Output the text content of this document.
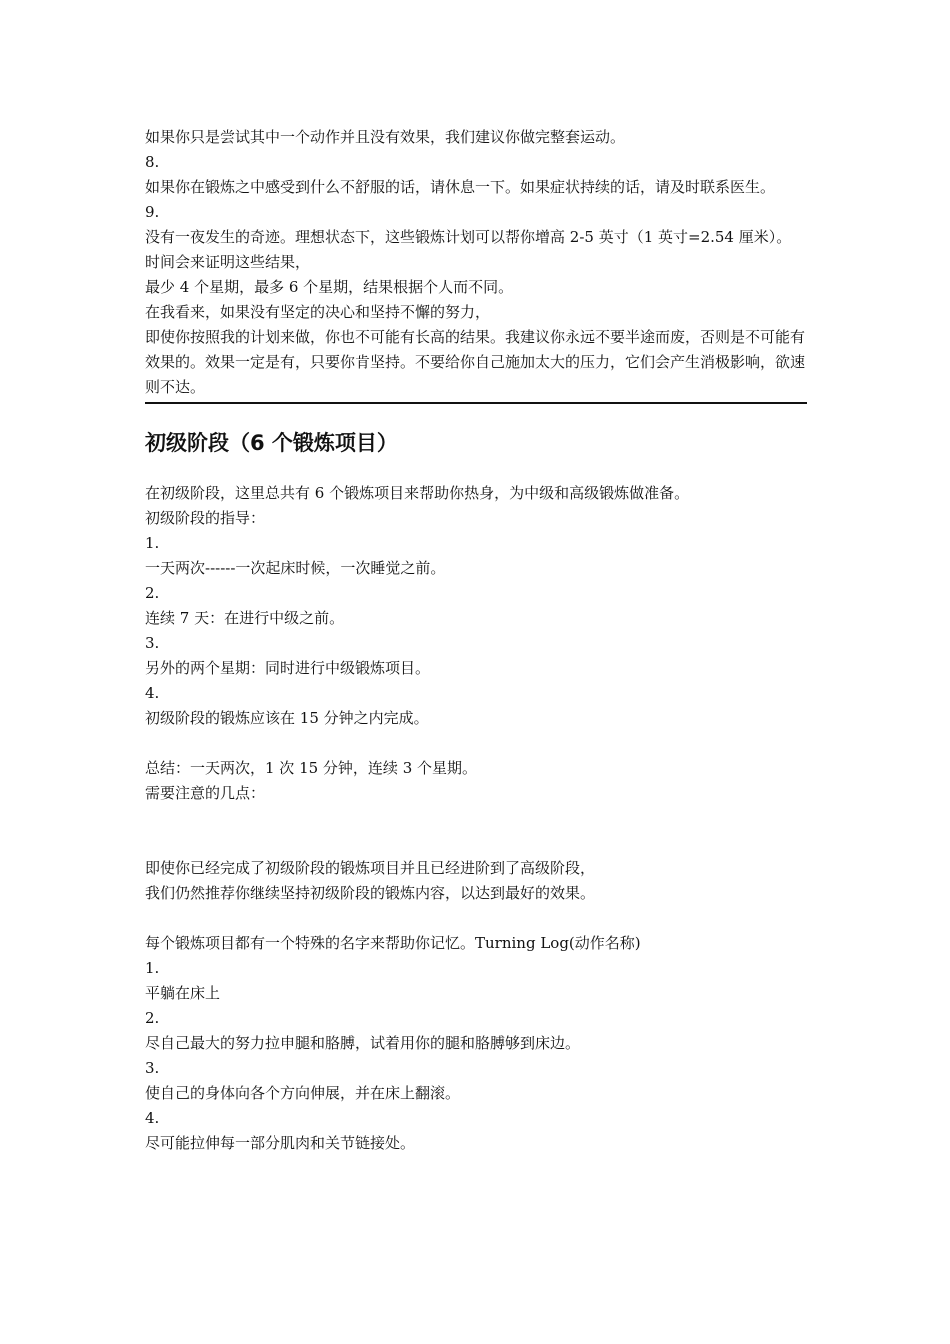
如果你只是尝试其中一个动作并且没有效果，我们建议你做完整套运动。

8.

如果你在锻炼之中感受到什么不舒服的话，请休息一下。如果症状持续的话，请及时联系医生。

9.

没有一夜发生的奇迹。理想状态下，这些锻炼计划可以帮你增高 2-5 英寸（1 英寸=2.54 厘米）。

时间会来证明这些结果，

最少 4 个星期，最多 6 个星期，结果根据个人而不同。

在我看来，如果没有坚定的决心和坚持不懈的努力，

即使你按照我的计划来做，你也不可能有长高的结果。我建议你永远不要半途而废，否则是不可能有效果的。效果一定是有，只要你肯坚持。不要给你自己施加太大的压力，它们会产生消极影响，欲速则不达。

初级阶段（6 个锻炼项目）

在初级阶段，这里总共有 6 个锻炼项目来帮助你热身，为中级和高级锻炼做准备。

初级阶段的指导：

1.

一天两次------一次起床时候，一次睡觉之前。

2.

连续 7 天：在进行中级之前。

3.

另外的两个星期：同时进行中级锻炼项目。

4.

初级阶段的锻炼应该在 15 分钟之内完成。

总结：一天两次，1 次 15 分钟，连续 3 个星期。

需要注意的几点：

即使你已经完成了初级阶段的锻炼项目并且已经进阶到了高级阶段，

我们仍然推荐你继续坚持初级阶段的锻炼内容，以达到最好的效果。

每个锻炼项目都有一个特殊的名字来帮助你记忆。Turning Log(动作名称)

1.

平躺在床上

2.

尽自己最大的努力拉申腿和胳膊，试着用你的腿和胳膊够到床边。

3.

使自己的身体向各个方向伸展，并在床上翻滚。

4.

尽可能拉伸每一部分肌肉和关节链接处。
